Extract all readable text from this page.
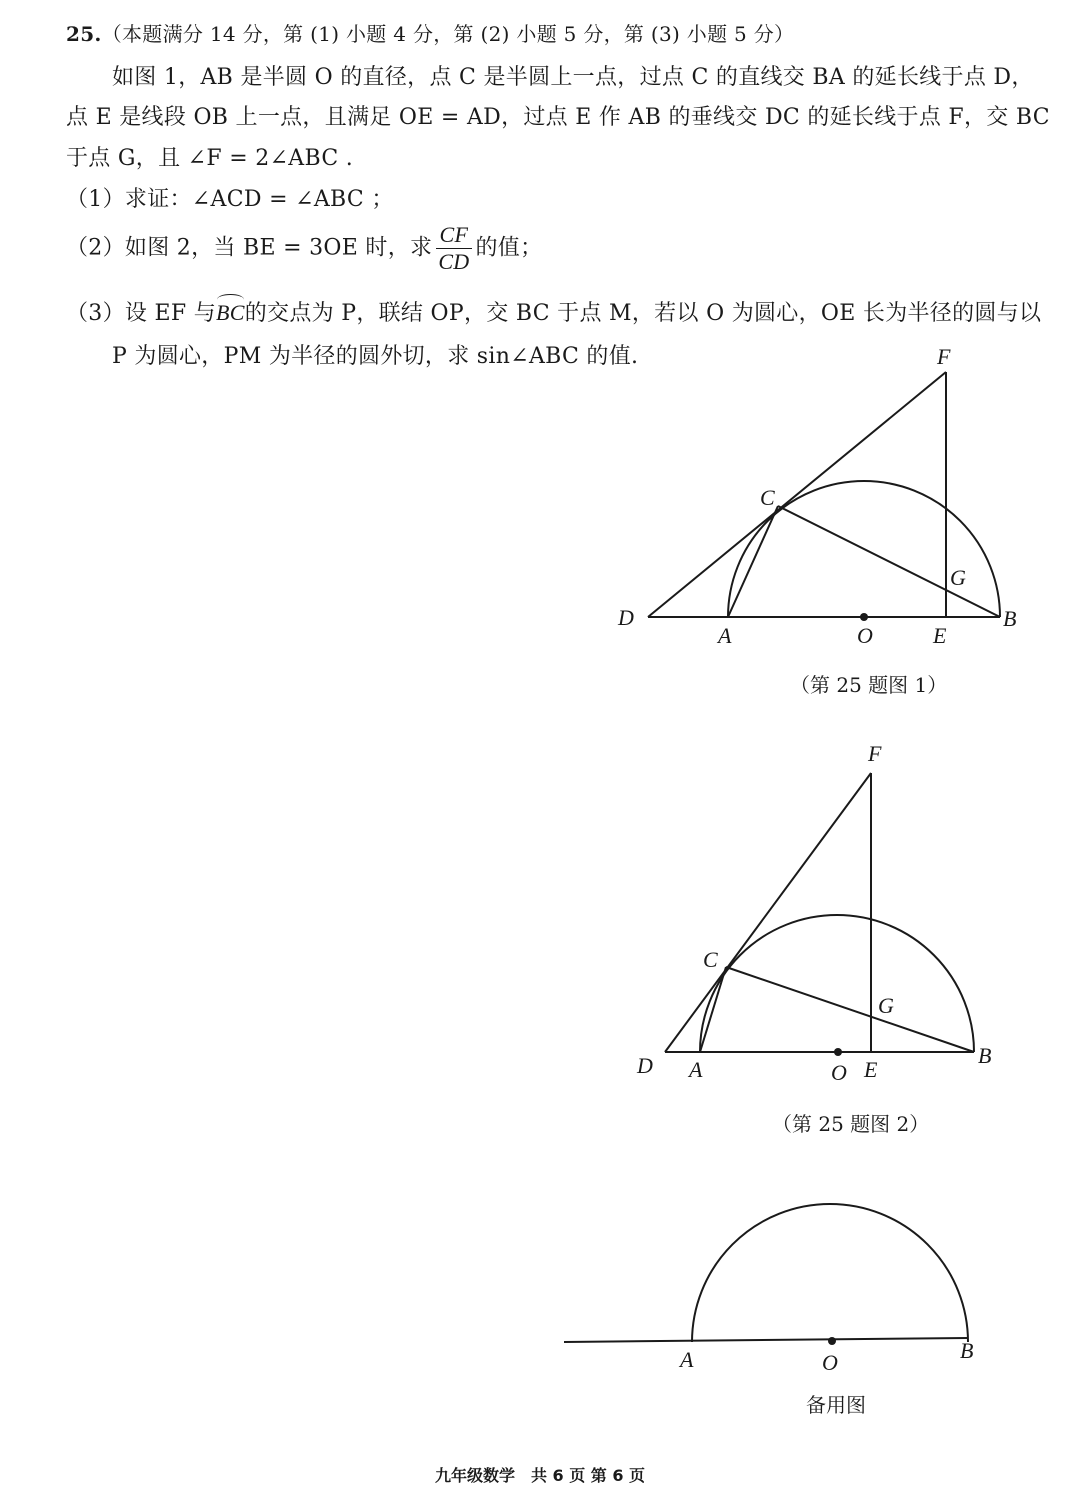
25.（本题满分 14 分，第 (1) 小题 4 分，第 (2) 小题 5 分，第 (3) 小题 5 分）
如图 1，AB 是半圆 O 的直径，点 C 是半圆上一点，过点 C 的直线交 BA 的延长线于点 D，
点 E 是线段 OB 上一点，且满足 OE = AD，过点 E 作 AB 的垂线交 DC 的延长线于点 F，交 BC
于点 G，且 ∠F = 2∠ABC .
（1）求证：∠ACD = ∠ABC ；
（2）如图 2，当 BE = 3OE 时，求 $\frac{CF}{CD}$ 的值；
（3）设 EF 与BC的交点为 P，联结 OP，交 BC 于点 M，若以 O 为圆心，OE 长为半径的圆与以
P 为圆心，PM 为半径的圆外切，求 sin∠ABC 的值.
D
A	O	E
B
C
F
G
（第 25 题图 1）
D A	O E
B
C
F
G
（第 25 题图 2）
A	O	B
备用图
九年级数学　共 6 页 第 6 页
